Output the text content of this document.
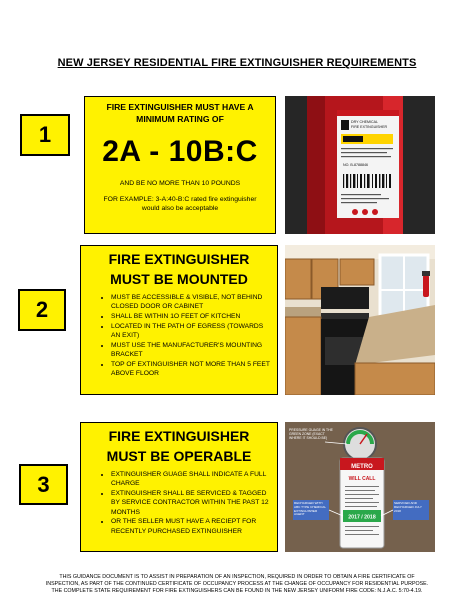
NEW JERSEY RESIDENTIAL FIRE EXTINGUISHER REQUIREMENTS
1
FIRE EXTINGUISHER MUST HAVE A
MINIMUM RATING OF
2A - 10B:C
AND BE NO MORE THAN 10 POUNDS
FOR EXAMPLE: 3-A:40-B:C rated fire extinguisher
would also be acceptable
DRY CHEMICAL
FIRE EXTINGUISHER
NO. B-8788846
2
FIRE EXTINGUISHER
MUST BE MOUNTED
• MUST BE ACCESSIBLE & VISIBLE, NOT BEHIND CLOSED DOOR OR CABINET
• SHALL BE WITHIN 1O FEET OF KITCHEN
• LOCATED IN THE PATH OF EGRESS (TOWARDS AN EXIT)
• MUST USE THE MANUFACTURER'S MOUNTING BRACKET
• TOP OF EXTINGUISHER NOT MORE THAN 5 FEET ABOVE FLOOR
3
FIRE EXTINGUISHER
MUST BE OPERABLE
• EXTINGUISHER GUAGE SHALL INDICATE A FULL CHARGE
• EXTINGUISHER SHALL BE SERVICED & TAGGED BY SERVICE CONTRACTOR WITHIN THE PAST 12 MONTHS
• OR THE SELLER MUST HAVE A RECIEPT FOR RECENTLY PURCHASED EXTINGUISHER
METRO
WILL CALL
2017 / 2018
PRESSURE GUAGE IN THE GREEN ZONE (EXACT WHERE IT SHOULD BE)
RECHARGED WITH ABC TYPE CHEMICAL EXTINGUISHER AGENT
SERVICED AND RECHARGED JULY 2018
THIS GUIDANCE DOCUMENT IS TO ASSIST IN PREPARATION OF AN INSPECTION, REQUIRED IN ORDER TO OBTAIN A FIRE CERTIFICATE OF
INSPECTION, AS PART OF THE CONTINUED CERTIFICATE OF OCCUPANCY PROCESS AT THE CHANGE OF OCCUPANCY FOR RESIDENTIAL PURPOSE.
THE COMPLETE STATE REQUIREMENT FOR FIRE EXTINGUISHERS CAN BE FOUND IN THE NEW JERSEY UNIFORM FIRE CODE: N.J.A.C. 5:70-4.19.
